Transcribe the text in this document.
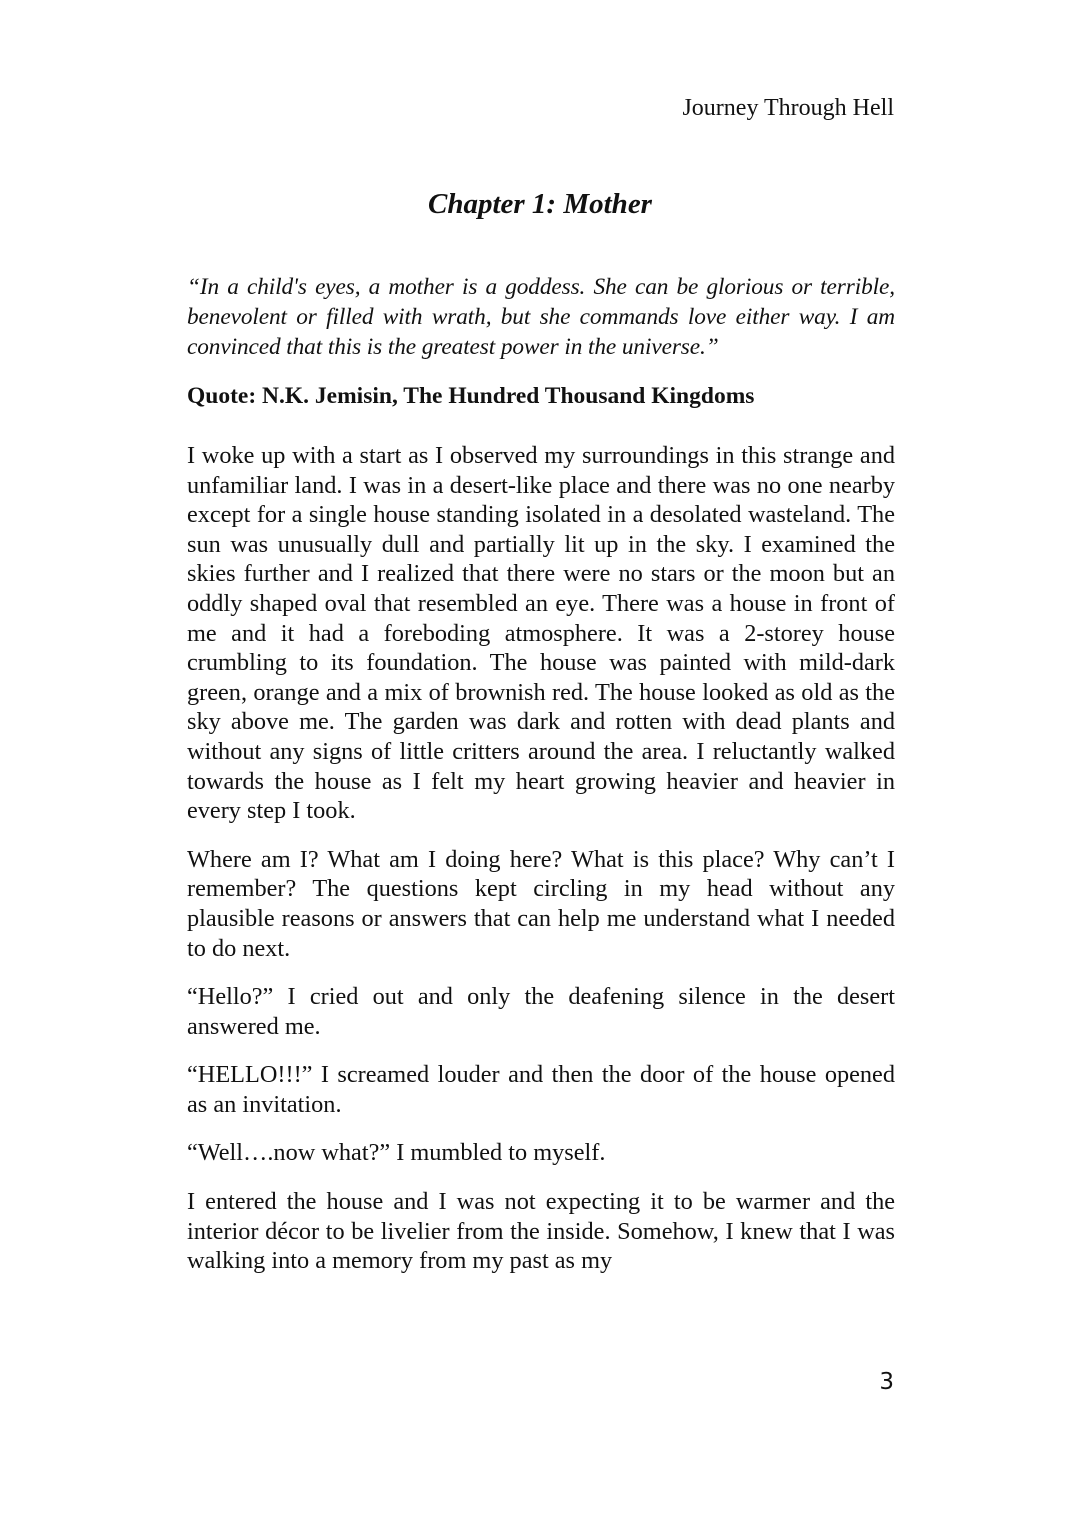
Journey Through Hell
Chapter 1: Mother

“In a child's eyes, a mother is a goddess. She can be glorious or terrible, benevolent or filled with wrath, but she commands love either way. I am convinced that this is the greatest power in the universe.”

Quote: N.K. Jemisin, The Hundred Thousand Kingdoms

I woke up with a start as I observed my surroundings in this strange and unfamiliar land. I was in a desert-like place and there was no one nearby except for a single house standing isolated in a desolated wasteland. The sun was unusually dull and partially lit up in the sky. I examined the skies further and I realized that there were no stars or the moon but an oddly shaped oval that resembled an eye. There was a house in front of me and it had a foreboding atmosphere. It was a 2-storey house crumbling to its foundation. The house was painted with mild-dark green, orange and a mix of brownish red. The house looked as old as the sky above me. The garden was dark and rotten with dead plants and without any signs of little critters around the area. I reluctantly walked towards the house as I felt my heart growing heavier and heavier in every step I took.

Where am I? What am I doing here? What is this place? Why can’t I remember? The questions kept circling in my head without any plausible reasons or answers that can help me understand what I needed to do next.

“Hello?” I cried out and only the deafening silence in the desert answered me.

“HELLO!!!” I screamed louder and then the door of the house opened as an invitation.

“Well….now what?” I mumbled to myself.

I entered the house and I was not expecting it to be warmer and the interior décor to be livelier from the inside. Somehow, I knew that I was walking into a memory from my past as my

3
